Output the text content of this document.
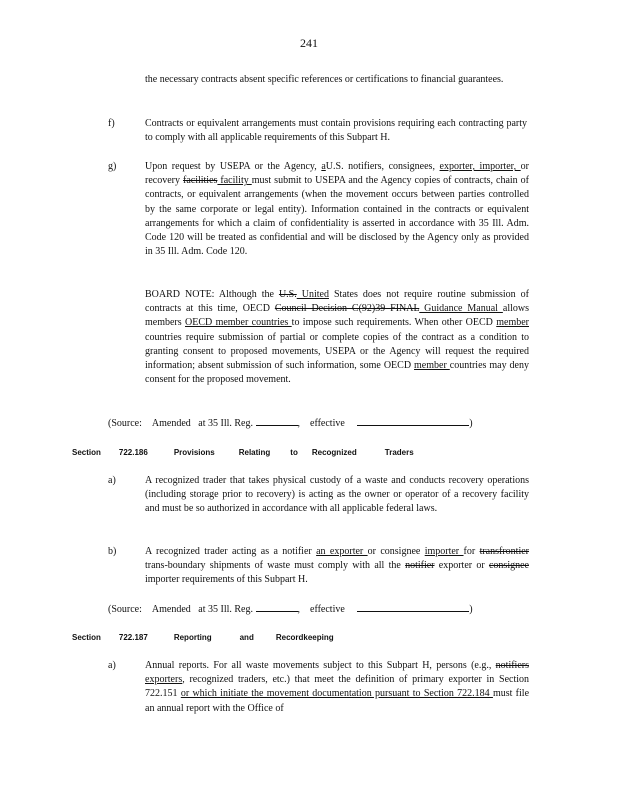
241
the necessary contracts absent specific references or certifications to financial guarantees.
f)	Contracts or equivalent arrangements must contain provisions requiring each contracting party to comply with all applicable requirements of this Subpart H.
g)	Upon request by USEPA or the Agency, aU.S. notifiers, consignees, exporter, importer, or recovery facilities facility must submit to USEPA and the Agency copies of contracts, chain of contracts, or equivalent arrangements (when the movement occurs between parties controlled by the same corporate or legal entity). Information contained in the contracts or equivalent arrangements for which a claim of confidentiality is asserted in accordance with 35 Ill. Adm. Code 120 will be treated as confidential and will be disclosed by the Agency only as provided in 35 Ill. Adm. Code 120.
BOARD NOTE: Although the U.S. United States does not require routine submission of contracts at this time, OECD Council Decision C(92)39 FINAL Guidance Manual allows members OECD member countries to impose such requirements. When other OECD member countries require submission of partial or complete copies of the contract as a condition to granting consent to proposed movements, USEPA or the Agency will request the required information; absent submission of such information, some OECD member countries may deny consent for the proposed movement.
(Source: Amended at 35 Ill. Reg.	, effective	)
Section 722.186	Provisions	Relating	to Recognized	Traders
a)	A recognized trader that takes physical custody of a waste and conducts recovery operations (including storage prior to recovery) is acting as the owner or operator of a recovery facility and must be so authorized in accordance with all applicable federal laws.
b)	A recognized trader acting as a notifier an exporter or consignee importer for transfrontier trans-boundary shipments of waste must comply with all the notifier exporter or consignee importer requirements of this Subpart H.
(Source: Amended at 35 Ill. Reg.	, effective	)
Section 722.187	Reporting	and	Recordkeeping
a)	Annual reports. For all waste movements subject to this Subpart H, persons (e.g., notifiers exporters, recognized traders, etc.) that meet the definition of primary exporter in Section 722.151 or which initiate the movement documentation pursuant to Section 722.184 must file an annual report with the Office of
